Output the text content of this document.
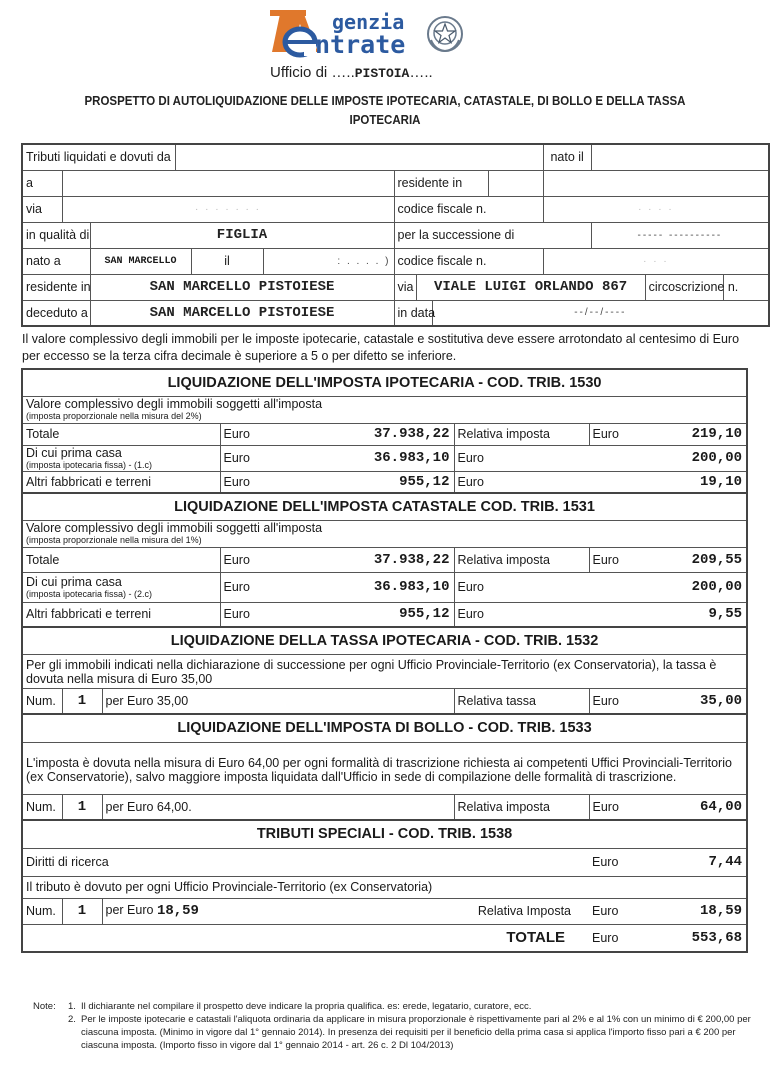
genzia
ntrate
Ufficio di …..PISTOIA…..
PROSPETTO DI AUTOLIQUIDAZIONE DELLE IMPOSTE IPOTECARIA, CATASTALE, DI BOLLO E DELLA TASSA IPOTECARIA
Tributi liquidati e dovuti da										nato il			
a						residente in							
via	· · · · · · ·					codice fiscale n.				· · · ·			
in qualità di		FIGLIA				per la successione di					----- ----------		
nato a		SAN MARCELLO		il	: . . . . )	codice fiscale n.				· · ·			
residente in		SAN MARCELLO PISTOIESE				via	VIALE LUIGI ORLANDO 867					circoscrizione n.	
deceduto a		SAN MARCELLO PISTOIESE				in data		--/--/----					
Il valore complessivo degli immobili per le imposte ipotecarie, catastale e sostitutiva deve essere arrotondato al centesimo di Euro per eccesso se la terza cifra decimale è superiore a 5 o per difetto se inferiore.
LIQUIDAZIONE DELL'IMPOSTA IPOTECARIA - COD. TRIB. 1530							
Valore complessivo degli immobili soggetti all'imposta
(imposta proporzionale nella misura del 2%)							

Totale			Euro	37.938,22	Relativa imposta	Euro	219,10
Di cui prima casa
(imposta ipotecaria fissa) - (1.c)			Euro	36.983,10	Euro		200,00
Altri fabbricati e terreni			Euro	955,12	Euro		19,10
LIQUIDAZIONE DELL'IMPOSTA CATASTALE COD. TRIB. 1531							
Valore complessivo degli immobili soggetti all'imposta
(imposta proporzionale nella misura del 1%)							

Totale			Euro	37.938,22	Relativa imposta	Euro	209,55
Di cui prima casa
(imposta ipotecaria fissa) - (2.c)			Euro	36.983,10	Euro		200,00
Altri fabbricati e terreni			Euro	955,12	Euro		9,55
LIQUIDAZIONE DELLA TASSA IPOTECARIA - COD. TRIB. 1532							
Per gli immobili indicati nella dichiarazione di successione per ogni Ufficio Provinciale-Territorio (ex Conservatoria), la tassa è dovuta nella misura di Euro 35,00							
Num.	1	per Euro 35,00			Relativa tassa	Euro	35,00
LIQUIDAZIONE DELL'IMPOSTA DI BOLLO - COD. TRIB. 1533							
L'imposta è dovuta nella misura di Euro 64,00 per ogni formalità di trascrizione richiesta ai competenti Uffici Provinciali-Territorio (ex Conservatorie), salvo maggiore imposta liquidata dall'Ufficio in sede di compilazione delle formalità di trascrizione.							
Num.	1	per Euro 64,00.			Relativa imposta	Euro	64,00
TRIBUTI SPECIALI - COD. TRIB. 1538							
Diritti di ricerca						Euro	7,44
Il tributo è dovuto per ogni Ufficio Provinciale-Territorio (ex Conservatoria)							
Num.	1	per Euro 18,59		Relativa Imposta		Euro	18,59
TOTALE						Euro	553,68
Note: 1. Il dichiarante nel compilare il prospetto deve indicare la propria qualifica. es: erede, legatario, curatore, ecc.
2. Per le imposte ipotecarie e catastali l'aliquota ordinaria da applicare in misura proporzionale è rispettivamente pari al 2% e al 1% con un minimo di € 200,00 per ciascuna imposta. (Minimo in vigore dal 1° gennaio 2014). In presenza dei requisiti per il beneficio della prima casa si applica l'importo fisso pari a € 200 per ciascuna imposta. (Importo fisso in vigore dal 1° gennaio 2014 - art. 26 c. 2 Dl 104/2013)
